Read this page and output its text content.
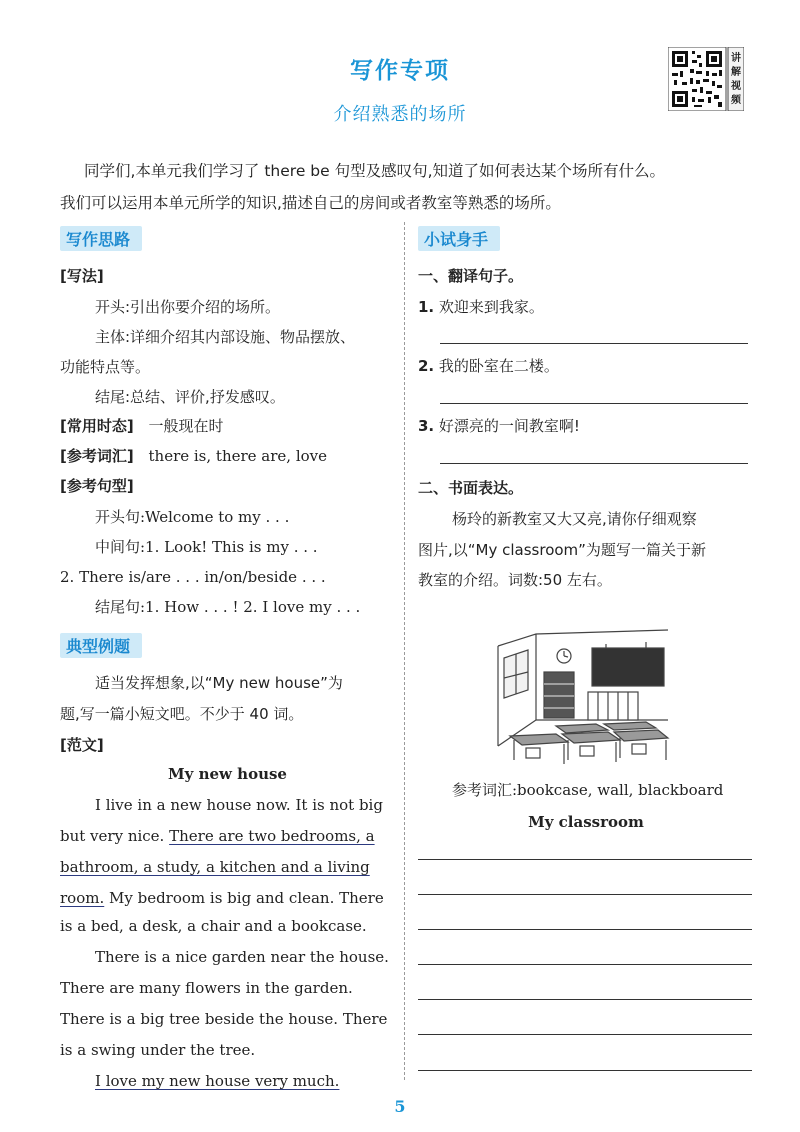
写作专项
介绍熟悉的场所
讲
解
视
频
同学们,本单元我们学习了 there be 句型及感叹句,知道了如何表达某个场所有什么。
我们可以运用本单元所学的知识,描述自己的房间或者教室等熟悉的场所。
写作思路
[写法]
开头:引出你要介绍的场所。
主体:详细介绍其内部设施、物品摆放、
功能特点等。
结尾:总结、评价,抒发感叹。
[常用时态] 一般现在时
[参考词汇] there is, there are, love
[参考句型]
开头句:Welcome to my . . .
中间句:1. Look! This is my . . .
2. There is/are . . . in/on/beside . . .
结尾句:1. How . . . ! 2. I love my . . .
典型例题
适当发挥想象,以“My new house”为
题,写一篇小短文吧。不少于 40 词。
[范文]
My new house
I live in a new house now. It is not big
but very nice. There are two bedrooms, a
bathroom, a study, a kitchen and a living
room. My bedroom is big and clean. There
is a bed, a desk, a chair and a bookcase.
There is a nice garden near the house.
There are many flowers in the garden.
There is a big tree beside the house. There
is a swing under the tree.
I love my new house very much.
小试身手
一、翻译句子。
1. 欢迎来到我家。
2. 我的卧室在二楼。
3. 好漂亮的一间教室啊!
二、书面表达。
杨玲的新教室又大又亮,请你仔细观察
图片,以“My classroom”为题写一篇关于新
教室的介绍。词数:50 左右。
参考词汇:bookcase, wall, blackboard
My classroom
5
